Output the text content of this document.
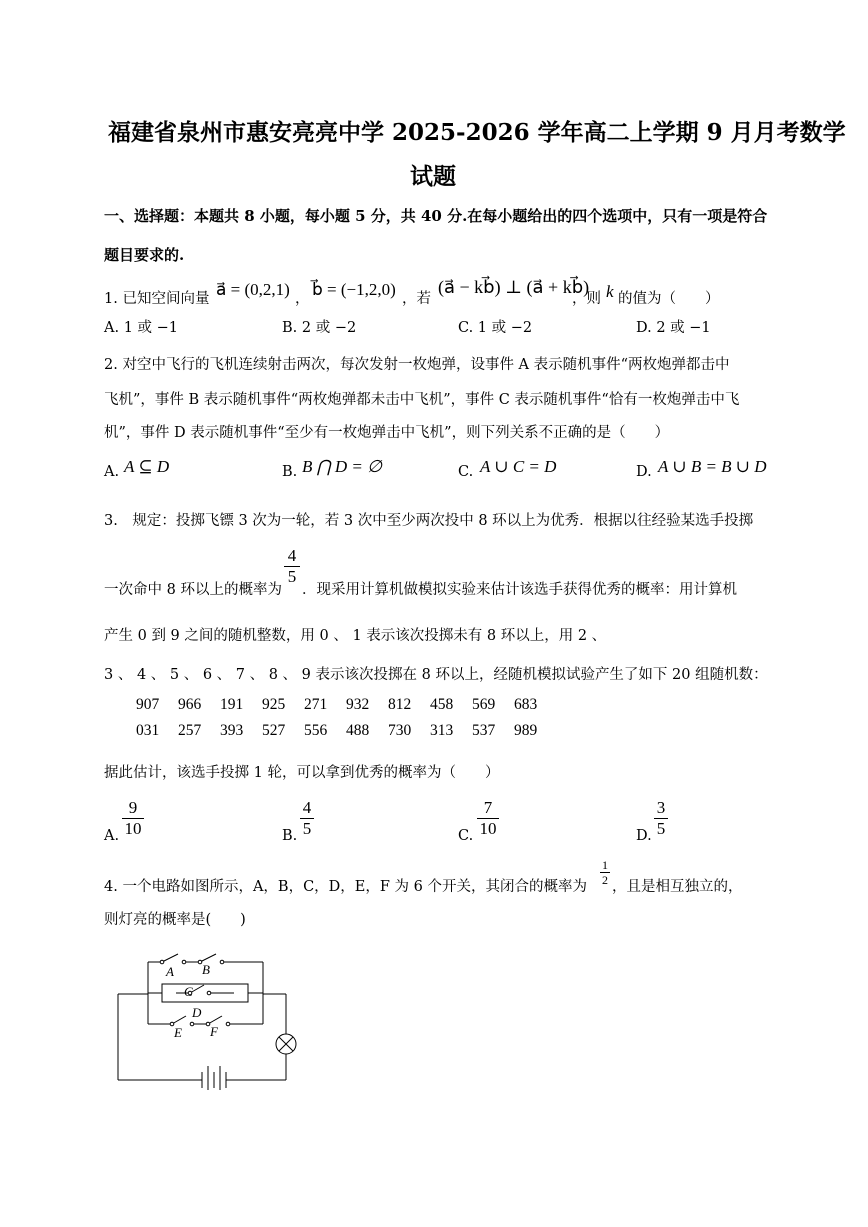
福建省泉州市惠安亮亮中学 2025-2026 学年高二上学期 9 月月考数学
试题
一、选择题：本题共 8 小题，每小题 5 分，共 40 分.在每小题给出的四个选项中，只有一项是符合
题目要求的.
1. 已知空间向量 a⃗ = (0,2,1) ， b⃗ = (−1,2,0) ，若
(a⃗ − kb⃗) ⊥ (a⃗ + kb⃗)
，则 k 的值为（　　）
A. 1 或 −1	B. 2 或 −2	C. 1 或 −2	D. 2 或 −1
2. 对空中飞行的飞机连续射击两次，每次发射一枚炮弹，设事件 A 表示随机事件“两枚炮弹都击中
飞机”，事件 B 表示随机事件“两枚炮弹都未击中飞机”，事件 C 表示随机事件“恰有一枚炮弹击中飞
机”，事件 D 表示随机事件“至少有一枚炮弹击中飞机”，则下列关系不正确的是（　　）
A. A ⊆ D	B. B ⋂ D = ∅	C. A ∪ C = D	D. A ∪ B = B ∪ D
3.　规定：投掷飞镖 3 次为一轮，若 3 次中至少两次投中 8 环以上为优秀．根据以往经验某选手投掷
一次命中 8 环以上的概率为
4
5
．现采用计算机做模拟实验来估计该选手获得优秀的概率：用计算机
产生 0 到 9 之间的随机整数，用 0 、 1 表示该次投掷未有 8 环以上，用 2 、
3 、 4 、 5 、 6 、 7 、 8 、 9 表示该次投掷在 8 环以上，经随机模拟试验产生了如下 20 组随机数：
907 966 191 925 271 932 812 458 569 683
031 257 393 527 556 488 730 313 537 989
据此估计，该选手投掷 1 轮，可以拿到优秀的概率为（　　）
A.
9
10	B.
4
5	C.
7
10	D.
3
5
4. 一个电路如图所示，A，B，C，D，E，F 为 6 个开关，其闭合的概率为
1
2 ，且是相互独立的，
则灯亮的概率是(　　)
A B
C
D
E F
